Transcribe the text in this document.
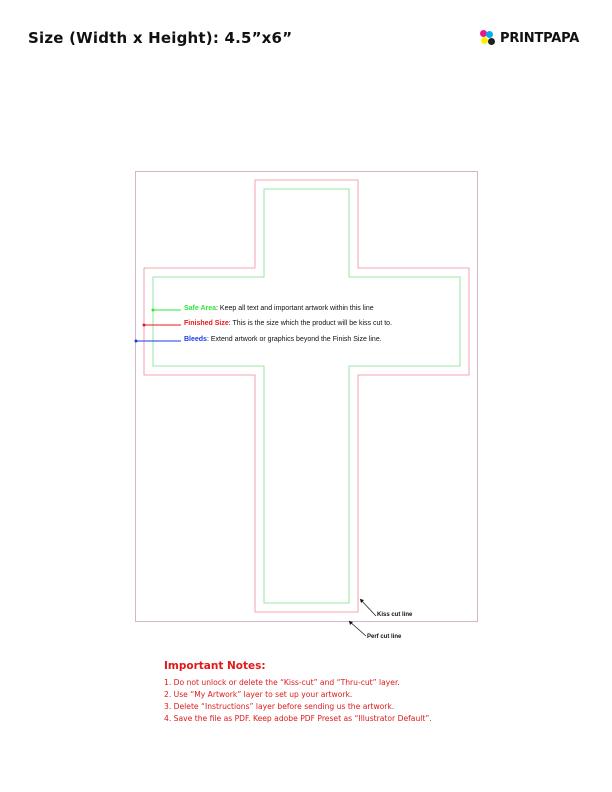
Size (Width x Height): 4.5”x6”	PRINTPAPA
Safe Area: Keep all text and important artwork within this line
Finished Size: This is the size which the product will be kiss cut to.
Bleeds: Extend artwork or graphics beyond the Finish Size line.
Kiss cut line
Perf cut line
Important Notes:
1. Do not unlock or delete the “Kiss-cut” and “Thru-cut” layer.
2. Use “My Artwork” layer to set up your artwork.
3. Delete “Instructions” layer before sending us the artwork.
4. Save the file as PDF. Keep adobe PDF Preset as “Illustrator Default”.
